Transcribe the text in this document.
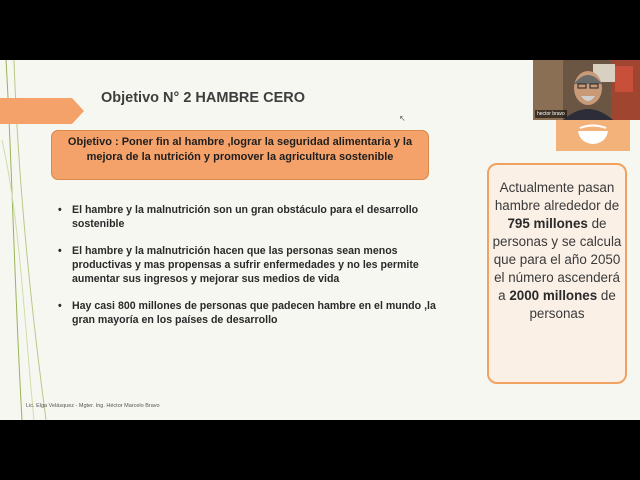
Objetivo N° 2 HAMBRE CERO
↖
Objetivo : Poner fin al hambre ,lograr la seguridad alimentaria y la mejora de la nutrición y promover la agricultura sostenible
• El hambre y la malnutrición son un gran obstáculo para el desarrollo sostenible
• El hambre y la malnutrición hacen que las personas sean menos productivas y mas propensas a sufrir enfermedades y no les permite aumentar sus ingresos y mejorar sus medios de vida
• Hay casi 800 millones de personas que padecen hambre en el mundo ,la gran mayoría en los países de desarrollo
Actualmente pasan hambre alrededor de 795 millones de personas y se calcula que para el año 2050 el número ascenderá a 2000 millones de personas
Lic. Elga Velásquez - Mgter. Ing. Héctor Marcelo Bravo
hector bravo
